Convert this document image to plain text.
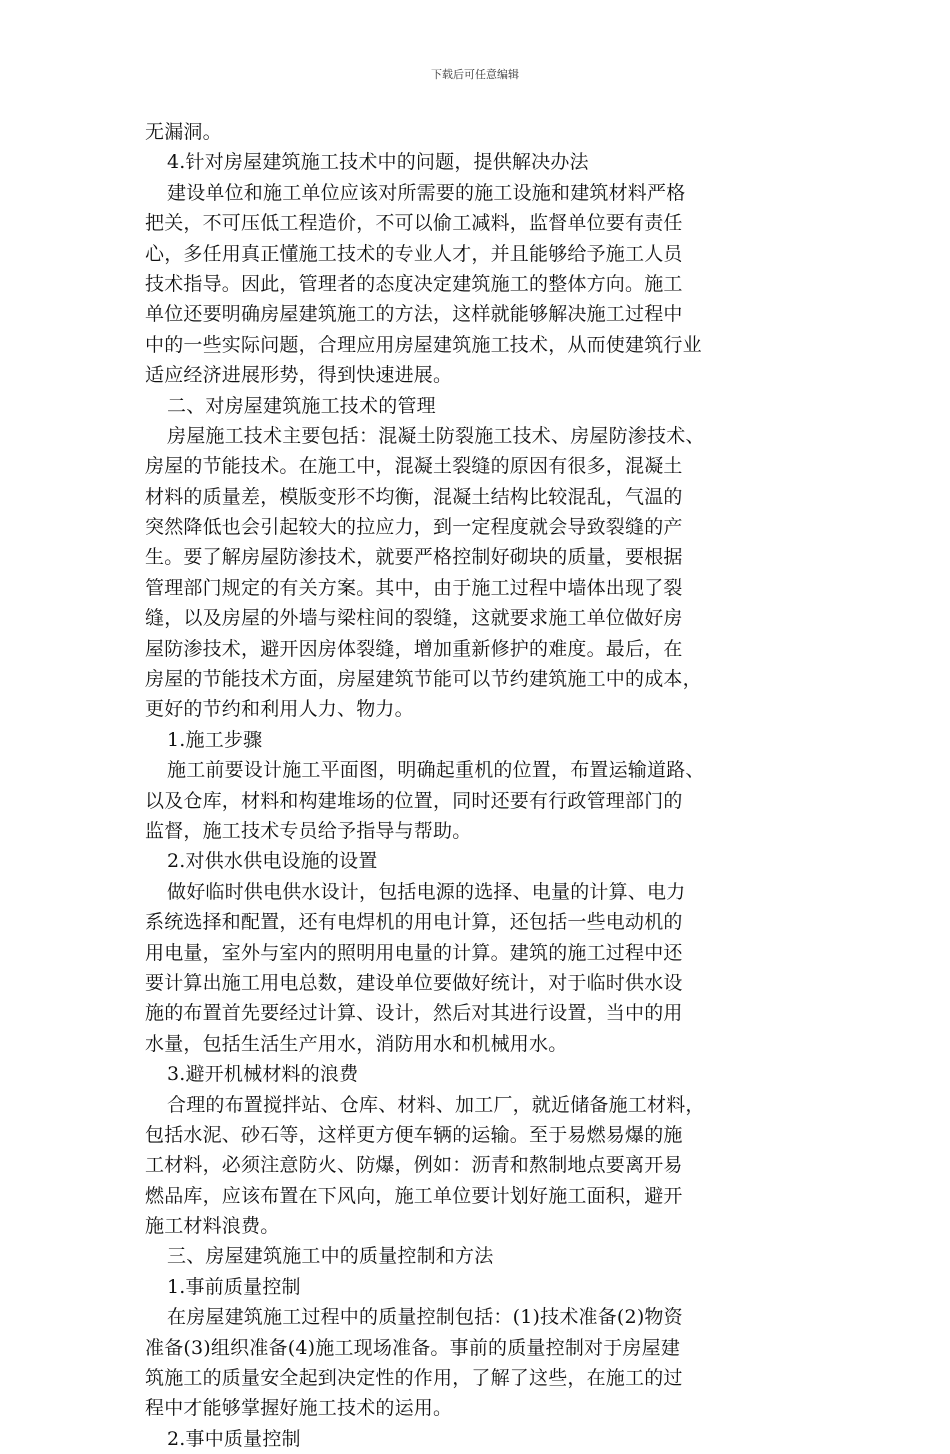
下载后可任意编辑
无漏洞。
4.针对房屋建筑施工技术中的问题，提供解决办法
建设单位和施工单位应该对所需要的施工设施和建筑材料严格
把关，不可压低工程造价，不可以偷工减料，监督单位要有责任
心，多任用真正懂施工技术的专业人才，并且能够给予施工人员
技术指导。因此，管理者的态度决定建筑施工的整体方向。施工
单位还要明确房屋建筑施工的方法，这样就能够解决施工过程中
中的一些实际问题，合理应用房屋建筑施工技术，从而使建筑行业
适应经济进展形势，得到快速进展。
二、对房屋建筑施工技术的管理
房屋施工技术主要包括：混凝土防裂施工技术、房屋防渗技术、
房屋的节能技术。在施工中，混凝土裂缝的原因有很多，混凝土
材料的质量差，模版变形不均衡，混凝土结构比较混乱，气温的
突然降低也会引起较大的拉应力，到一定程度就会导致裂缝的产
生。要了解房屋防渗技术，就要严格控制好砌块的质量，要根据
管理部门规定的有关方案。其中，由于施工过程中墙体出现了裂
缝，以及房屋的外墙与梁柱间的裂缝，这就要求施工单位做好房
屋防渗技术，避开因房体裂缝，增加重新修护的难度。最后，在
房屋的节能技术方面，房屋建筑节能可以节约建筑施工中的成本，
更好的节约和利用人力、物力。
1.施工步骤
施工前要设计施工平面图，明确起重机的位置，布置运输道路、
以及仓库，材料和构建堆场的位置，同时还要有行政管理部门的
监督，施工技术专员给予指导与帮助。
2.对供水供电设施的设置
做好临时供电供水设计，包括电源的选择、电量的计算、电力
系统选择和配置，还有电焊机的用电计算，还包括一些电动机的
用电量，室外与室内的照明用电量的计算。建筑的施工过程中还
要计算出施工用电总数，建设单位要做好统计，对于临时供水设
施的布置首先要经过计算、设计，然后对其进行设置，当中的用
水量，包括生活生产用水，消防用水和机械用水。
3.避开机械材料的浪费
合理的布置搅拌站、仓库、材料、加工厂，就近储备施工材料，
包括水泥、砂石等，这样更方便车辆的运输。至于易燃易爆的施
工材料，必须注意防火、防爆，例如：沥青和熬制地点要离开易
燃品库，应该布置在下风向，施工单位要计划好施工面积，避开
施工材料浪费。
三、房屋建筑施工中的质量控制和方法
1.事前质量控制
在房屋建筑施工过程中的质量控制包括：(1)技术准备(2)物资
准备(3)组织准备(4)施工现场准备。事前的质量控制对于房屋建
筑施工的质量安全起到决定性的作用，了解了这些，在施工的过
程中才能够掌握好施工技术的运用。
2.事中质量控制
